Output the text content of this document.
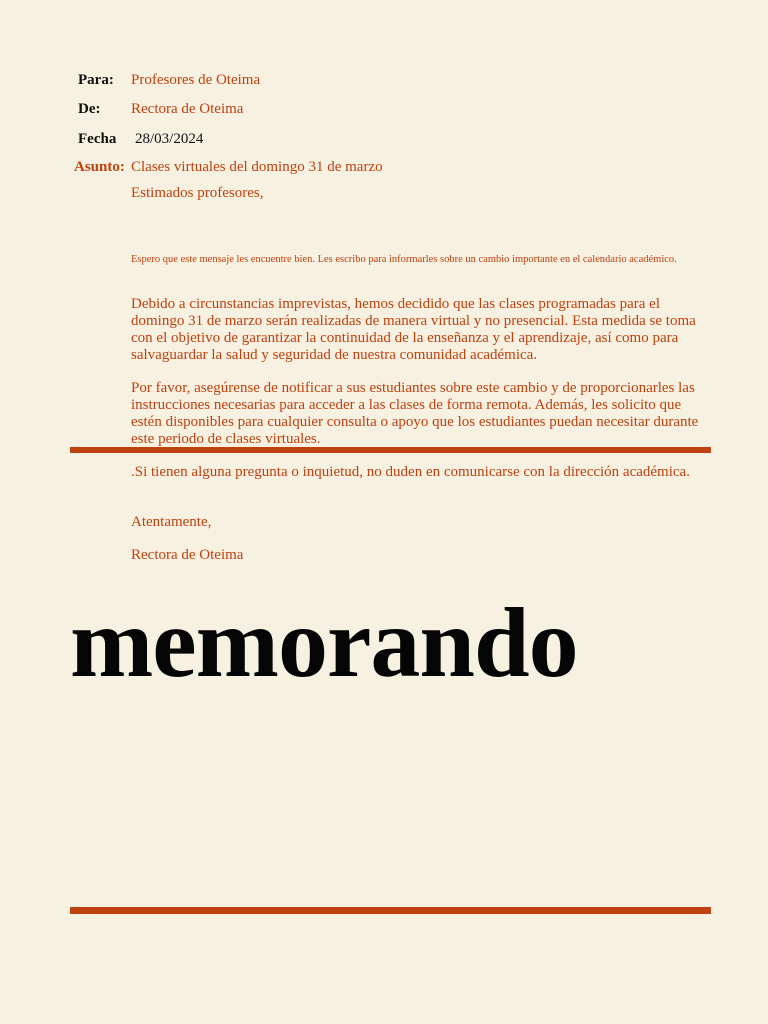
Para: Profesores de Oteima
De: Rectora de Oteima
Fecha 28/03/2024
Asunto: Clases virtuales del domingo 31 de marzo

Estimados profesores,

Espero que este mensaje les encuentre bien. Les escribo para informarles sobre un cambio importante en el calendario académico.

Debido a circunstancias imprevistas, hemos decidido que las clases programadas para el domingo 31 de marzo serán realizadas de manera virtual y no presencial. Esta medida se toma con el objetivo de garantizar la continuidad de la enseñanza y el aprendizaje, así como para salvaguardar la salud y seguridad de nuestra comunidad académica.

Por favor, asegúrense de notificar a sus estudiantes sobre este cambio y de proporcionarles las instrucciones necesarias para acceder a las clases de forma remota. Además, les solicito que estén disponibles para cualquier consulta o apoyo que los estudiantes puedan necesitar durante este periodo de clases virtuales.

.Si tienen alguna pregunta o inquietud, no duden en comunicarse con la dirección académica.

Atentamente,

Rectora de Oteima

memorando
